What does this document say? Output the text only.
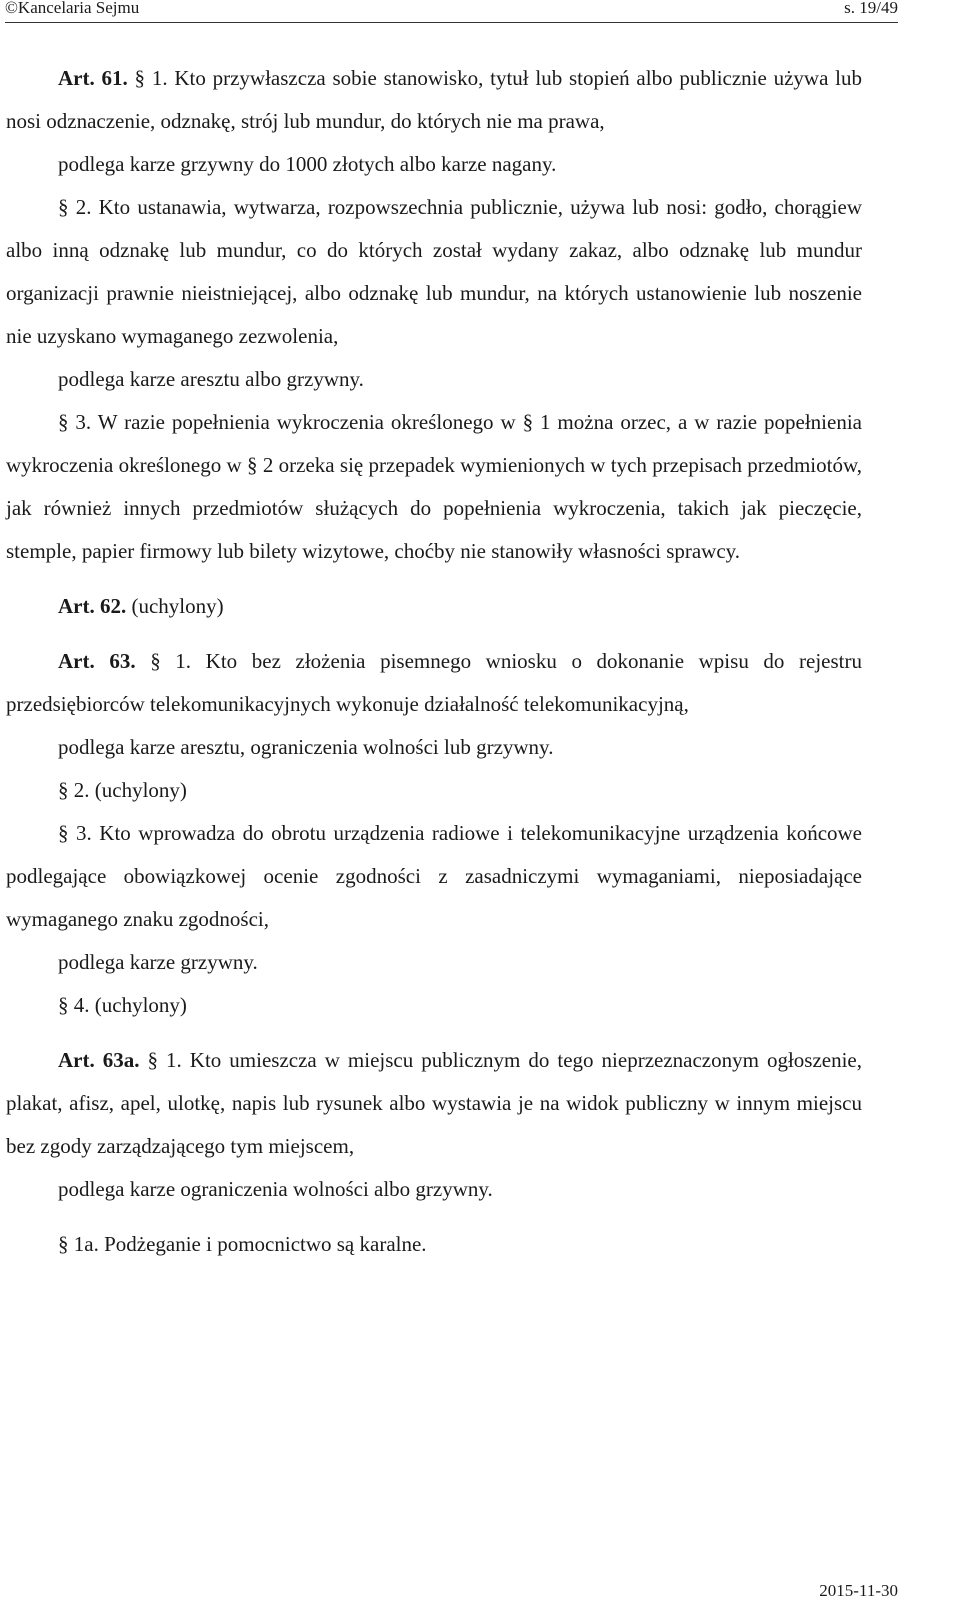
©Kancelaria Sejmu	s. 19/49
Art. 61. § 1. Kto przywłaszcza sobie stanowisko, tytuł lub stopień albo publicznie używa lub nosi odznaczenie, odznakę, strój lub mundur, do których nie ma prawa,
podlega karze grzywny do 1000 złotych albo karze nagany.
§ 2. Kto ustanawia, wytwarza, rozpowszechnia publicznie, używa lub nosi: godło, chorągiew albo inną odznakę lub mundur, co do których został wydany zakaz, albo odznakę lub mundur organizacji prawnie nieistniejącej, albo odznakę lub mundur, na których ustanowienie lub noszenie nie uzyskano wymaganego zezwolenia,
podlega karze aresztu albo grzywny.
§ 3. W razie popełnienia wykroczenia określonego w § 1 można orzec, a w razie popełnienia wykroczenia określonego w § 2 orzeka się przepadek wymienionych w tych przepisach przedmiotów, jak również innych przedmiotów służących do popełnienia wykroczenia, takich jak pieczęcie, stemple, papier firmowy lub bilety wizytowe, choćby nie stanowiły własności sprawcy.
Art. 62. (uchylony)
Art. 63. § 1. Kto bez złożenia pisemnego wniosku o dokonanie wpisu do rejestru przedsiębiorców telekomunikacyjnych wykonuje działalność telekomunikacyjną,
podlega karze aresztu, ograniczenia wolności lub grzywny.
§ 2. (uchylony)
§ 3. Kto wprowadza do obrotu urządzenia radiowe i telekomunikacyjne urządzenia końcowe podlegające obowiązkowej ocenie zgodności z zasadniczymi wymaganiami, nieposiadające wymaganego znaku zgodności,
podlega karze grzywny.
§ 4. (uchylony)
Art. 63a. § 1. Kto umieszcza w miejscu publicznym do tego nieprzeznaczonym ogłoszenie, plakat, afisz, apel, ulotkę, napis lub rysunek albo wystawia je na widok publiczny w innym miejscu bez zgody zarządzającego tym miejscem,
podlega karze ograniczenia wolności albo grzywny.
§ 1a. Podżeganie i pomocnictwo są karalne.
2015-11-30
